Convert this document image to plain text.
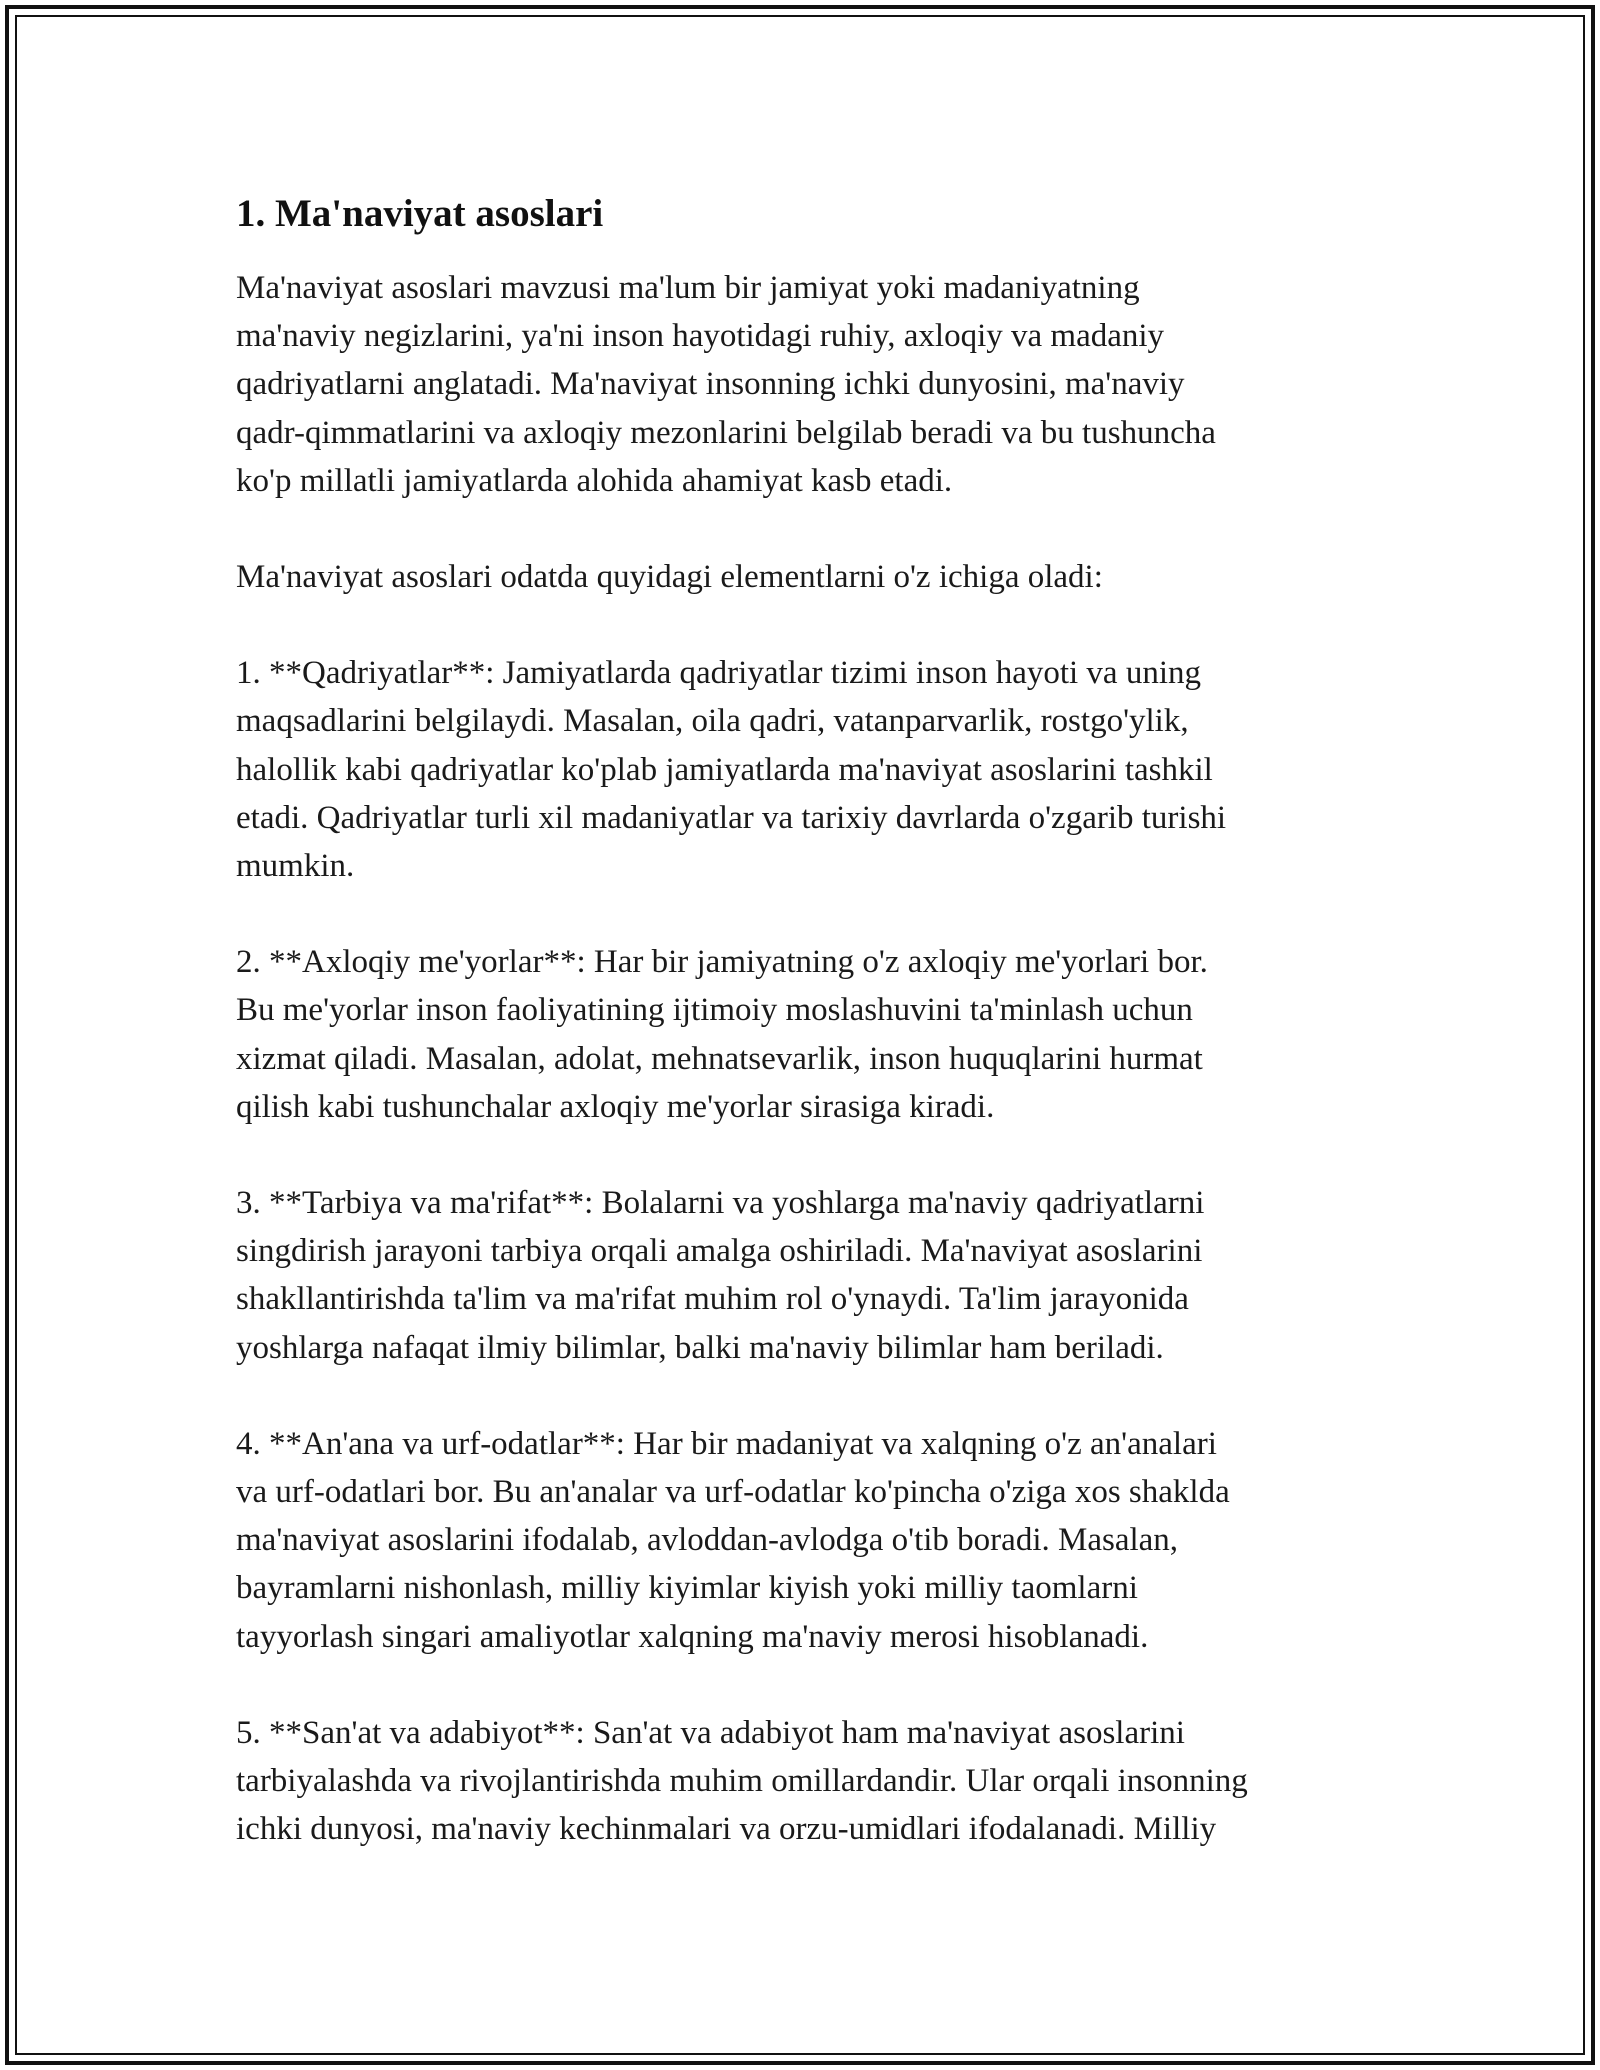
1. Ma'naviyat asoslari

Ma'naviyat asoslari mavzusi ma'lum bir jamiyat yoki madaniyatning
ma'naviy negizlarini, ya'ni inson hayotidagi ruhiy, axloqiy va madaniy
qadriyatlarni anglatadi. Ma'naviyat insonning ichki dunyosini, ma'naviy
qadr-qimmatlarini va axloqiy mezonlarini belgilab beradi va bu tushuncha
ko'p millatli jamiyatlarda alohida ahamiyat kasb etadi.

Ma'naviyat asoslari odatda quyidagi elementlarni o'z ichiga oladi:

1. **Qadriyatlar**: Jamiyatlarda qadriyatlar tizimi inson hayoti va uning
maqsadlarini belgilaydi. Masalan, oila qadri, vatanparvarlik, rostgo'ylik,
halollik kabi qadriyatlar ko'plab jamiyatlarda ma'naviyat asoslarini tashkil
etadi. Qadriyatlar turli xil madaniyatlar va tarixiy davrlarda o'zgarib turishi
mumkin.

2. **Axloqiy me'yorlar**: Har bir jamiyatning o'z axloqiy me'yorlari bor.
Bu me'yorlar inson faoliyatining ijtimoiy moslashuvini ta'minlash uchun
xizmat qiladi. Masalan, adolat, mehnatsevarlik, inson huquqlarini hurmat
qilish kabi tushunchalar axloqiy me'yorlar sirasiga kiradi.

3. **Tarbiya va ma'rifat**: Bolalarni va yoshlarga ma'naviy qadriyatlarni
singdirish jarayoni tarbiya orqali amalga oshiriladi. Ma'naviyat asoslarini
shakllantirishda ta'lim va ma'rifat muhim rol o'ynaydi. Ta'lim jarayonida
yoshlarga nafaqat ilmiy bilimlar, balki ma'naviy bilimlar ham beriladi.

4. **An'ana va urf-odatlar**: Har bir madaniyat va xalqning o'z an'analari
va urf-odatlari bor. Bu an'analar va urf-odatlar ko'pincha o'ziga xos shaklda
ma'naviyat asoslarini ifodalab, avloddan-avlodga o'tib boradi. Masalan,
bayramlarni nishonlash, milliy kiyimlar kiyish yoki milliy taomlarni
tayyorlash singari amaliyotlar xalqning ma'naviy merosi hisoblanadi.

5. **San'at va adabiyot**: San'at va adabiyot ham ma'naviyat asoslarini
tarbiyalashda va rivojlantirishda muhim omillardandir. Ular orqali insonning
ichki dunyosi, ma'naviy kechinmalari va orzu-umidlari ifodalanadi. Milliy
